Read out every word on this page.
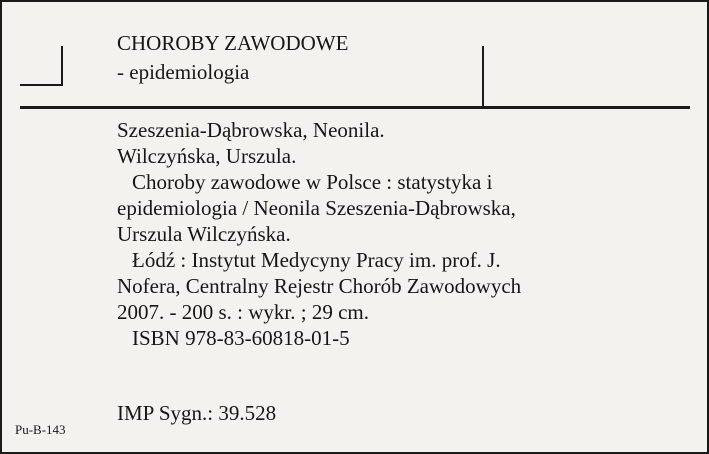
CHOROBY ZAWODOWE
- epidemiologia
Szeszenia-Dąbrowska, Neonila.
Wilczyńska, Urszula.
Choroby zawodowe w Polsce : statystyka i
epidemiologia / Neonila Szeszenia-Dąbrowska,
Urszula Wilczyńska.
Łódź : Instytut Medycyny Pracy im. prof. J.
Nofera, Centralny Rejestr Chorób Zawodowych
2007. - 200 s. : wykr. ; 29 cm.
ISBN 978-83-60818-01-5
IMP Sygn.: 39.528
Pu-B-143
